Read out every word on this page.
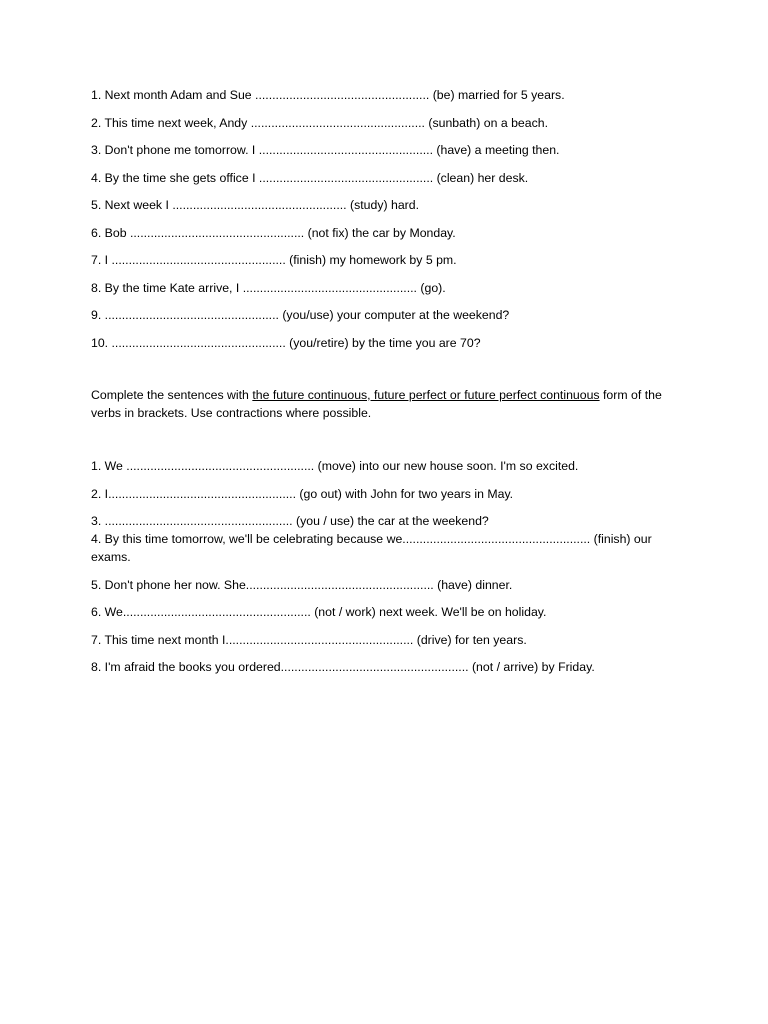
1. Next month Adam and Sue ................................................... (be) married for 5 years.

2. This time next week, Andy ................................................... (sunbath) on a beach.

3. Don't phone me tomorrow. I ................................................... (have) a meeting then.

4. By the time she gets office I ................................................... (clean) her desk.

5. Next week I ................................................... (study) hard.

6. Bob ................................................... (not fix) the car by Monday.

7. I ................................................... (finish) my homework by 5 pm.

8. By the time Kate arrive, I ................................................... (go).

9. ................................................... (you/use) your computer at the weekend?

10. ................................................... (you/retire) by the time you are 70?

Complete the sentences with the future continuous, future perfect or future perfect continuous form of the verbs in brackets. Use contractions where possible.

1. We ....................................................... (move) into our new house soon. I'm so excited.

2. I....................................................... (go out) with John for two years in May.

3. ....................................................... (you / use) the car at the weekend?

4. By this time tomorrow, we'll be celebrating because we....................................................... (finish) our exams.

5. Don't phone her now. She....................................................... (have) dinner.

6. We....................................................... (not / work) next week. We'll be on holiday.

7. This time next month I....................................................... (drive) for ten years.

8. I'm afraid the books you ordered....................................................... (not / arrive) by Friday.
